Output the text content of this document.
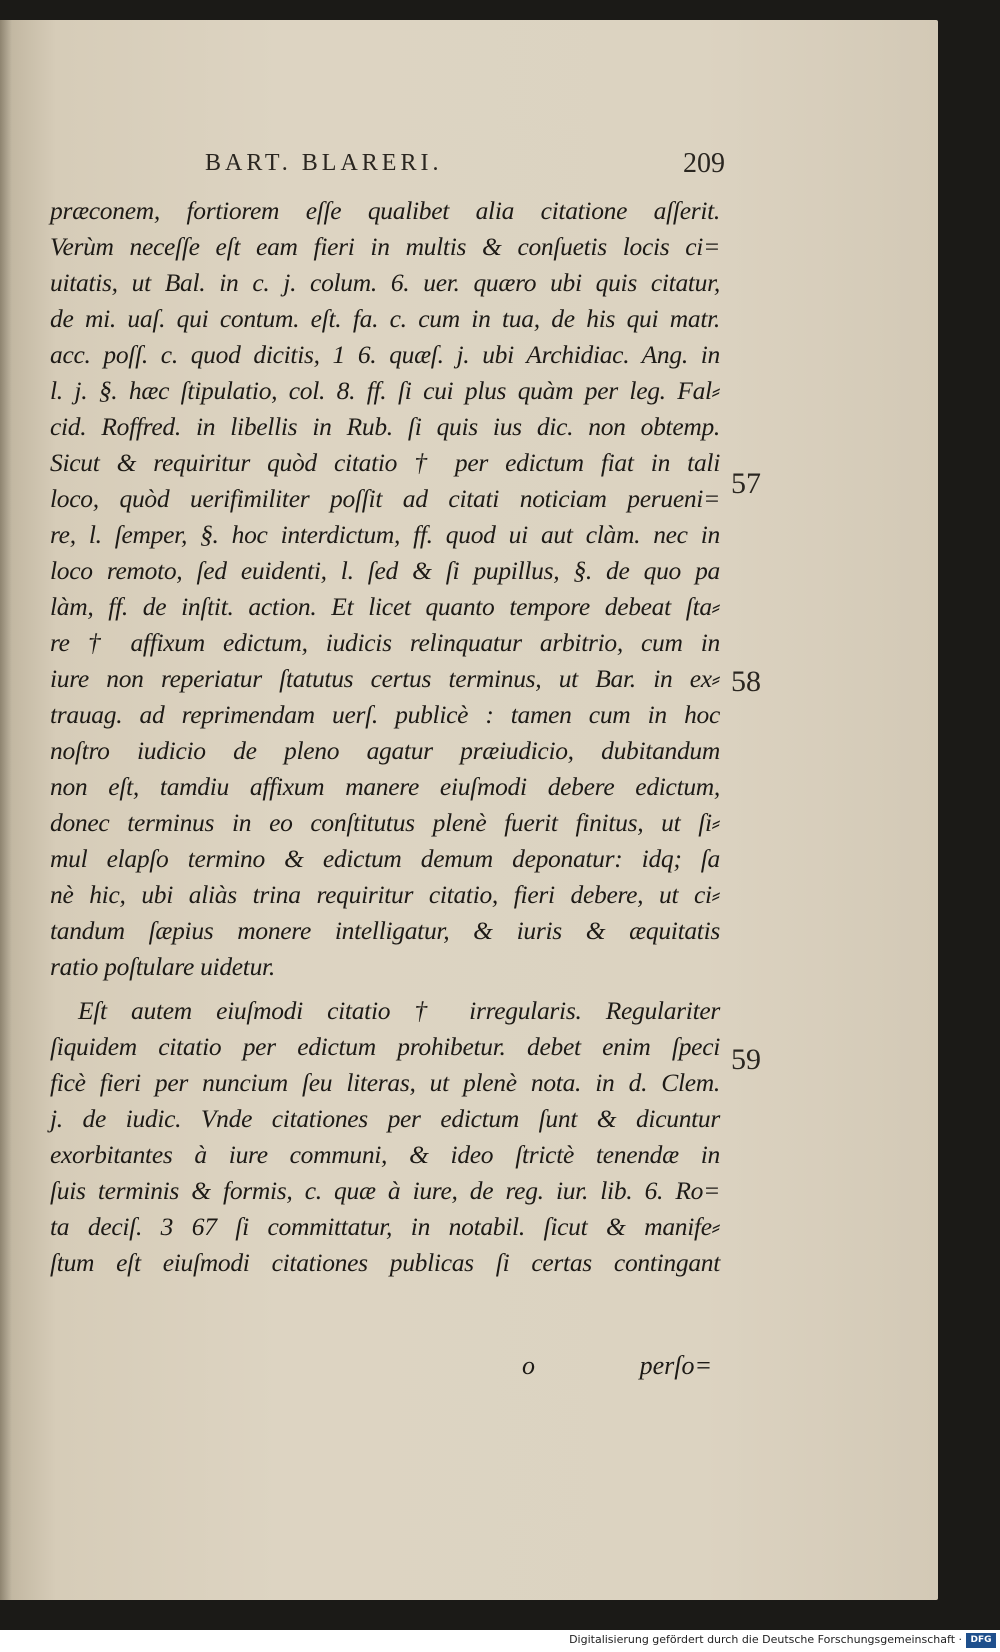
BART. BLARERI.	209
præconem, fortiorem eſſe qualibet alia citatione aſſerit.
Verùm neceſſe eſt eam fieri in multis & conſuetis locis ci=
uitatis, ut Bal. in c. j. colum. 6. uer. quæro ubi quis citatur,
de mi. uaſ. qui contum. eſt. fa. c. cum in tua, de his qui matr.
acc. poſſ. c. quod dicitis, 1 6. quæſ. j. ubi Archidiac. Ang. in
l. j. §. hæc ſtipulatio, col. 8. ff. ſi cui plus quàm per leg. Fal⸗
cid. Roffred. in libellis in Rub. ſi quis ius dic. non obtemp.
Sicut & requiritur quòd citatio † per edictum fiat in tali
loco, quòd uerifimiliter poſſit ad citati noticiam perueni=
re, l. ſemper, §. hoc interdictum, ff. quod ui aut clàm. nec in
loco remoto, ſed euidenti, l. ſed & ſi pupillus, §. de quo pa
làm, ff. de inſtit. action. Et licet quanto tempore debeat ſta⸗
re † affixum edictum, iudicis relinquatur arbitrio, cum in
iure non reperiatur ſtatutus certus terminus, ut Bar. in ex⸗
trauag. ad reprimendam uerſ. publicè : tamen cum in hoc
noſtro iudicio de pleno agatur præiudicio, dubitandum
non eſt, tamdiu affixum manere eiuſmodi debere edictum,
donec terminus in eo conſtitutus plenè fuerit finitus, ut ſi⸗
mul elapſo termino & edictum demum deponatur: idq; ſa
nè hic, ubi aliàs trina requiritur citatio, fieri debere, ut ci⸗
tandum ſæpius monere intelligatur, & iuris & æquitatis
ratio poſtulare uidetur.
Eſt autem eiuſmodi citatio † irregularis. Regulariter
ſiquidem citatio per edictum prohibetur. debet enim ſpeci
ficè fieri per nuncium ſeu literas, ut plenè nota. in d. Clem.
j. de iudic. Vnde citationes per edictum ſunt & dicuntur
exorbitantes à iure communi, & ideo ſtrictè tenendæ in
ſuis terminis & formis, c. quæ à iure, de reg. iur. lib. 6. Ro=
ta deciſ. 3 67 ſi committatur, in notabil. ſicut & manife⸗
ſtum eſt eiuſmodi citationes publicas ſi certas contingant
o	perſo=
57
58
59
Digitalisierung gefördert durch die Deutsche Forschungsgemeinschaft · DFG
